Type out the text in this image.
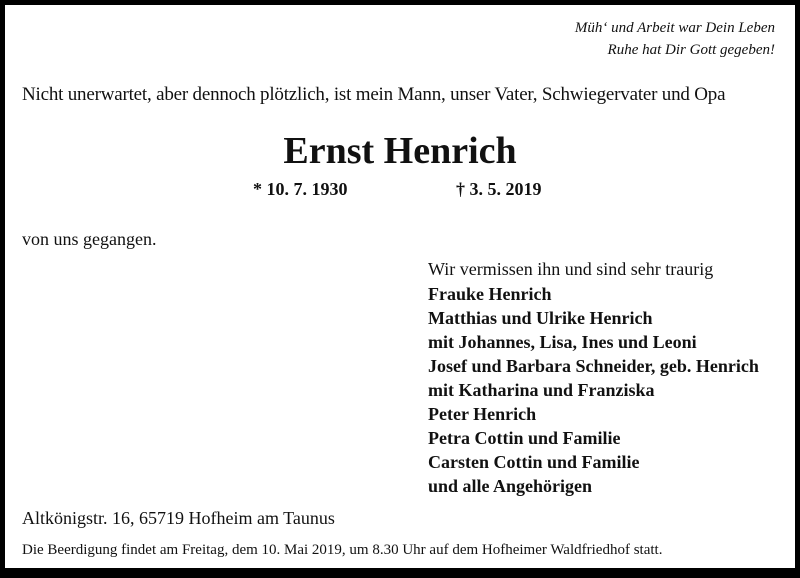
Müh‘ und Arbeit war Dein Leben
Ruhe hat Dir Gott gegeben!
Nicht unerwartet, aber dennoch plötzlich, ist mein Mann, unser Vater, Schwiegervater und Opa
Ernst Henrich
* 10. 7. 1930	† 3. 5. 2019
von uns gegangen.
Wir vermissen ihn und sind sehr traurig
Frauke Henrich
Matthias und Ulrike Henrich
mit Johannes, Lisa, Ines und Leoni
Josef und Barbara Schneider, geb. Henrich
mit Katharina und Franziska
Peter Henrich
Petra Cottin und Familie
Carsten Cottin und Familie
und alle Angehörigen
Altkönigstr. 16, 65719 Hofheim am Taunus
Die Beerdigung findet am Freitag, dem 10. Mai 2019, um 8.30 Uhr auf dem Hofheimer Waldfriedhof statt.
